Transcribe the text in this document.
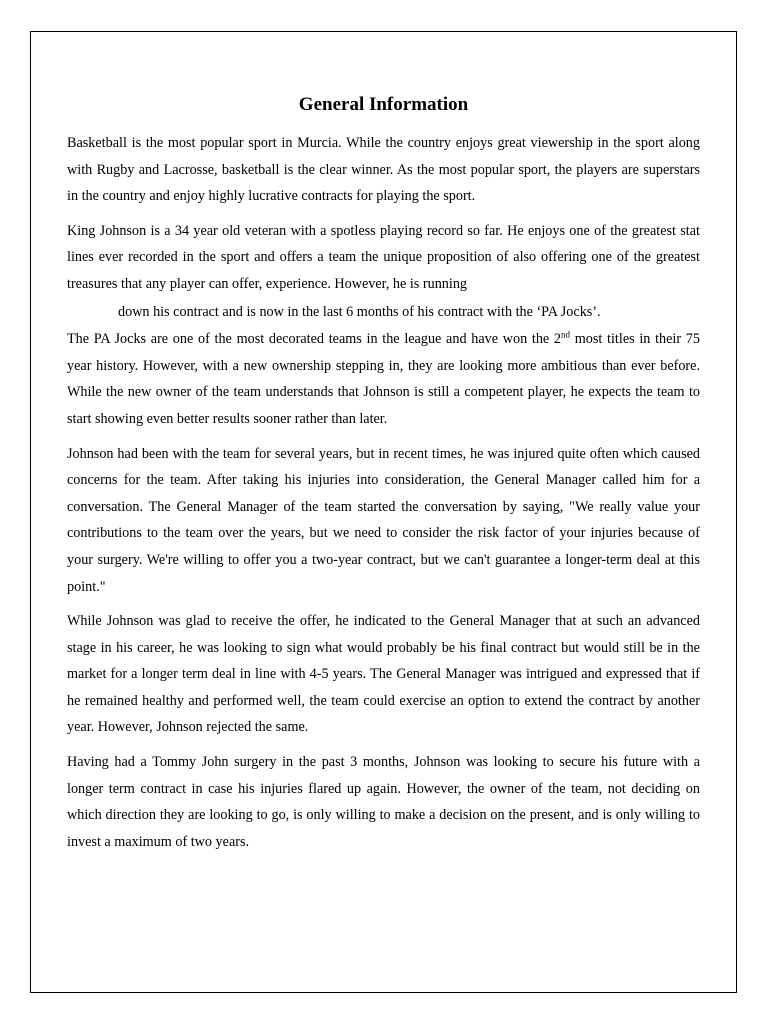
General Information

Basketball is the most popular sport in Murcia. While the country enjoys great viewership in the sport along with Rugby and Lacrosse, basketball is the clear winner. As the most popular sport, the players are superstars in the country and enjoy highly lucrative contracts for playing the sport.

King Johnson is a 34 year old veteran with a spotless playing record so far. He enjoys one of the greatest stat lines ever recorded in the sport and offers a team the unique proposition of also offering one of the greatest treasures that any player can offer, experience. However, he is running

down his contract and is now in the last 6 months of his contract with the ‘PA Jocks’.

The PA Jocks are one of the most decorated teams in the league and have won the 2nd most titles in their 75 year history. However, with a new ownership stepping in, they are looking more ambitious than ever before. While the new owner of the team understands that Johnson is still a competent player, he expects the team to start showing even better results sooner rather than later.

Johnson had been with the team for several years, but in recent times, he was injured quite often which caused concerns for the team. After taking his injuries into consideration, the General Manager called him for a conversation. The General Manager of the team started the conversation by saying, "We really value your contributions to the team over the years, but we need to consider the risk factor of your injuries because of your surgery. We're willing to offer you a two-year contract, but we can't guarantee a longer-term deal at this point."

While Johnson was glad to receive the offer, he indicated to the General Manager that at such an advanced stage in his career, he was looking to sign what would probably be his final contract but would still be in the market for a longer term deal in line with 4-5 years. The General Manager was intrigued and expressed that if he remained healthy and performed well, the team could exercise an option to extend the contract by another year. However, Johnson rejected the same.

Having had a Tommy John surgery in the past 3 months, Johnson was looking to secure his future with a longer term contract in case his injuries flared up again. However, the owner of the team, not deciding on which direction they are looking to go, is only willing to make a decision on the present, and is only willing to invest a maximum of two years.
